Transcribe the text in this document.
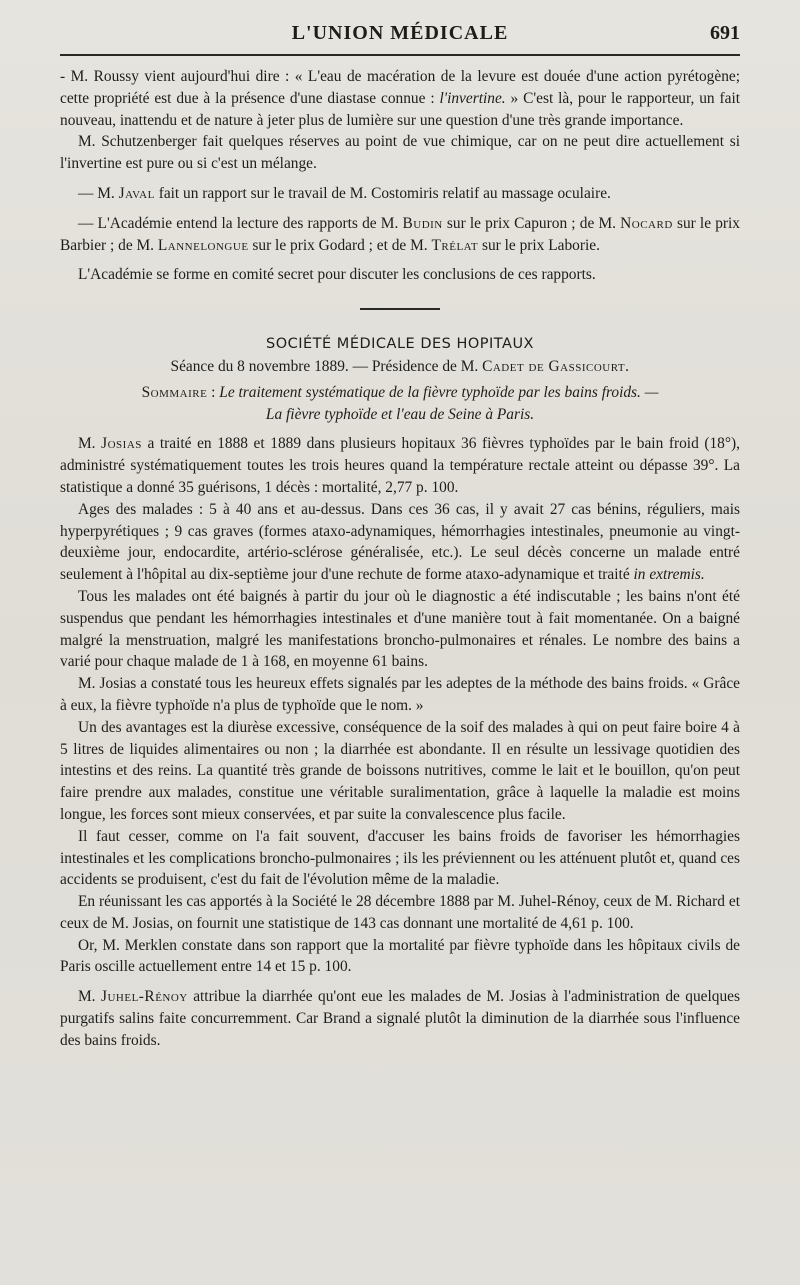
L'UNION MÉDICALE	691

- M. Roussy vient aujourd'hui dire : « L'eau de macération de la levure est douée d'une action pyrétogène; cette propriété est due à la présence d'une diastase connue : l'invertine. » C'est là, pour le rapporteur, un fait nouveau, inattendu et de nature à jeter plus de lumière sur une question d'une très grande importance.

M. Schutzenberger fait quelques réserves au point de vue chimique, car on ne peut dire actuellement si l'invertine est pure ou si c'est un mélange.

— M. Javal fait un rapport sur le travail de M. Costomiris relatif au massage oculaire.

— L'Académie entend la lecture des rapports de M. Budin sur le prix Capuron ; de M. Nocard sur le prix Barbier ; de M. Lannelongue sur le prix Godard ; et de M. Trélat sur le prix Laborie.

L'Académie se forme en comité secret pour discuter les conclusions de ces rapports.

SOCIÉTÉ MÉDICALE DES HOPITAUX

Séance du 8 novembre 1889. — Présidence de M. Cadet de Gassicourt.

Sommaire : Le traitement systématique de la fièvre typhoïde par les bains froids. —
La fièvre typhoïde et l'eau de Seine à Paris.

M. Josias a traité en 1888 et 1889 dans plusieurs hopitaux 36 fièvres typhoïdes par le bain froid (18°), administré systématiquement toutes les trois heures quand la température rectale atteint ou dépasse 39°. La statistique a donné 35 guérisons, 1 décès : mortalité, 2,77 p. 100.

Ages des malades : 5 à 40 ans et au-dessus. Dans ces 36 cas, il y avait 27 cas bénins, réguliers, mais hyperpyrétiques ; 9 cas graves (formes ataxo-adynamiques, hémorrhagies intestinales, pneumonie au vingt-deuxième jour, endocardite, artério-sclérose généralisée, etc.). Le seul décès concerne un malade entré seulement à l'hôpital au dix-septième jour d'une rechute de forme ataxo-adynamique et traité in extremis.

Tous les malades ont été baignés à partir du jour où le diagnostic a été indiscutable ; les bains n'ont été suspendus que pendant les hémorrhagies intestinales et d'une manière tout à fait momentanée. On a baigné malgré la menstruation, malgré les manifestations broncho-pulmonaires et rénales. Le nombre des bains a varié pour chaque malade de 1 à 168, en moyenne 61 bains.

M. Josias a constaté tous les heureux effets signalés par les adeptes de la méthode des bains froids. « Grâce à eux, la fièvre typhoïde n'a plus de typhoïde que le nom. »

Un des avantages est la diurèse excessive, conséquence de la soif des malades à qui on peut faire boire 4 à 5 litres de liquides alimentaires ou non ; la diarrhée est abondante. Il en résulte un lessivage quotidien des intestins et des reins. La quantité très grande de boissons nutritives, comme le lait et le bouillon, qu'on peut faire prendre aux malades, constitue une véritable suralimentation, grâce à laquelle la maladie est moins longue, les forces sont mieux conservées, et par suite la convalescence plus facile.

Il faut cesser, comme on l'a fait souvent, d'accuser les bains froids de favoriser les hémorrhagies intestinales et les complications broncho-pulmonaires ; ils les préviennent ou les atténuent plutôt et, quand ces accidents se produisent, c'est du fait de l'évolution même de la maladie.

En réunissant les cas apportés à la Société le 28 décembre 1888 par M. Juhel-Rénoy, ceux de M. Richard et ceux de M. Josias, on fournit une statistique de 143 cas donnant une mortalité de 4,61 p. 100.

Or, M. Merklen constate dans son rapport que la mortalité par fièvre typhoïde dans les hôpitaux civils de Paris oscille actuellement entre 14 et 15 p. 100.

M. Juhel-Rénoy attribue la diarrhée qu'ont eue les malades de M. Josias à l'administration de quelques purgatifs salins faite concurremment. Car Brand a signalé plutôt la diminution de la diarrhée sous l'influence des bains froids.
